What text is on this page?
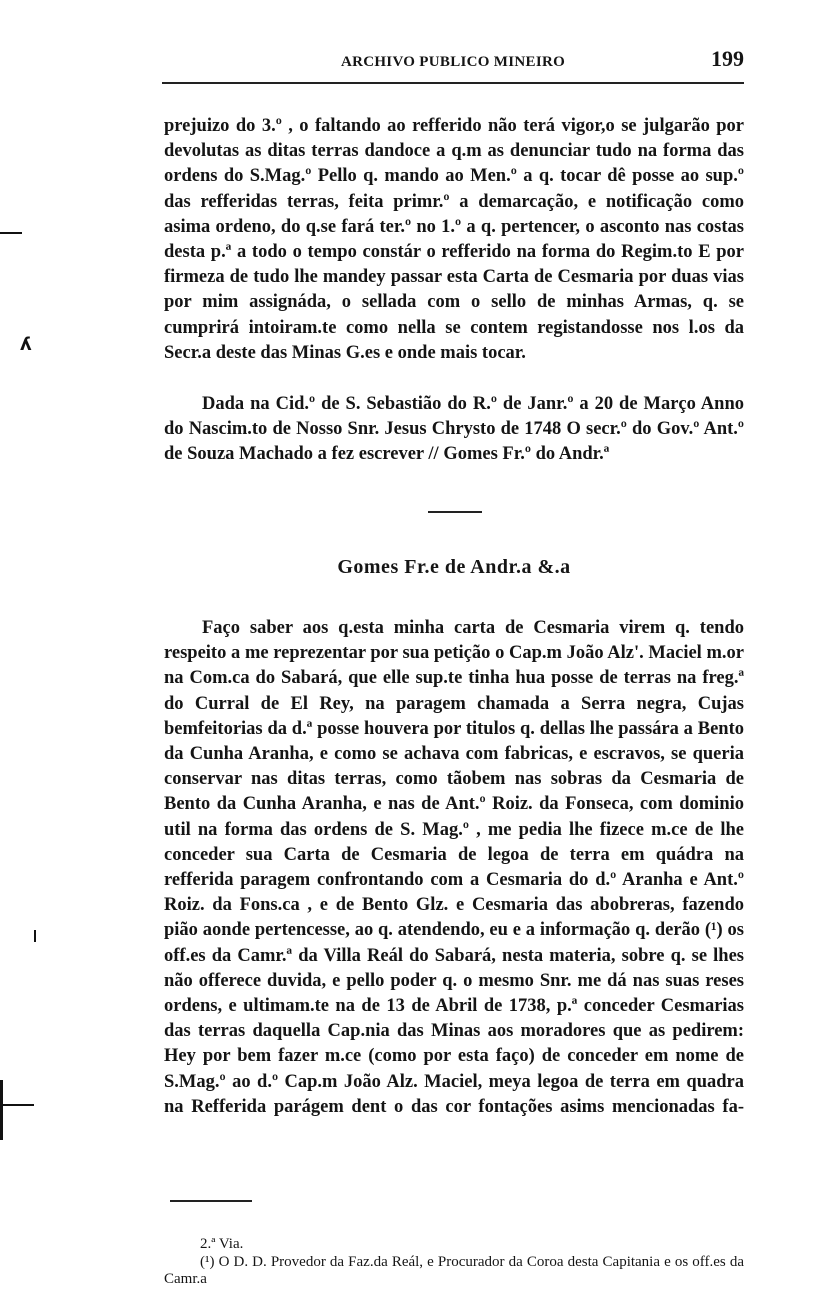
ARCHIVO PUBLICO MINEIRO	199

prejuizo do 3.º , o faltando ao refferido não terá vigor,o se julgarão por devolutas as ditas terras dandoce a q.m as denunciar tudo na forma das ordens do S.Mag.º Pello q. mando ao Men.º a q. tocar dê posse ao sup.º das refferidas terras, feita primr.º a demarcação, e notificação como asima ordeno, do q.se fará ter.º no 1.º a q. pertencer, o asconto nas costas desta p.ª a todo o tempo constár o refferido na forma do Regim.to E por firmeza de tudo lhe mandey passar esta Carta de Cesmaria por duas vias por mim assignáda, o sellada com o sello de minhas Armas, q. se cumprirá intoiram.te como nella se contem registandosse nos l.os da Secr.a deste das Minas G.es e onde mais tocar.

Dada na Cid.º de S. Sebastião do R.º de Janr.º a 20 de Março Anno do Nascim.to de Nosso Snr. Jesus Chrysto de 1748 O secr.º do Gov.º Ant.º de Souza Machado a fez escrever // Gomes Fr.º do Andr.ª

Gomes Fr.e de Andr.a &.a

Faço saber aos q.esta minha carta de Cesmaria virem q. tendo respeito a me reprezentar por sua petição o Cap.m João Alz'. Maciel m.or na Com.ca do Sabará, que elle sup.te tinha hua posse de terras na freg.ª do Curral de El Rey, na paragem chamada a Serra negra, Cujas bemfeitorias da d.ª posse houvera por titulos q. dellas lhe passára a Bento da Cunha Aranha, e como se achava com fabricas, e escravos, se queria conservar nas ditas terras, como tãobem nas sobras da Cesmaria de Bento da Cunha Aranha, e nas de Ant.º Roiz. da Fonseca, com dominio util na forma das ordens de S. Mag.º , me pedia lhe fizece m.ce de lhe conceder sua Carta de Cesmaria de legoa de terra em quádra na refferida paragem confrontando com a Cesmaria do d.º Aranha e Ant.º Roiz. da Fons.ca , e de Bento Glz. e Cesmaria das abobreras, fazendo pião aonde pertencesse, ao q. atendendo, eu e a informação q. derão (¹) os off.es da Camr.ª da Villa Reál do Sabará, nesta materia, sobre q. se lhes não offerece duvida, e pello poder q. o mesmo Snr. me dá nas suas reses ordens, e ultimam.te na de 13 de Abril de 1738, p.ª conceder Cesmarias das terras daquella Cap.nia das Minas aos moradores que as pedirem: Hey por bem fazer m.ce (como por esta faço) de conceder em nome de S.Mag.º ao d.º Cap.m João Alz. Maciel, meya legoa de terra em quadra na Refferida parágem dent o das cor fontações asims mencionadas fa-

2.ª Via.

(¹) O D. D. Provedor da Faz.da Reál, e Procurador da Coroa desta Capitania e os off.es da Camr.a

ʎ
